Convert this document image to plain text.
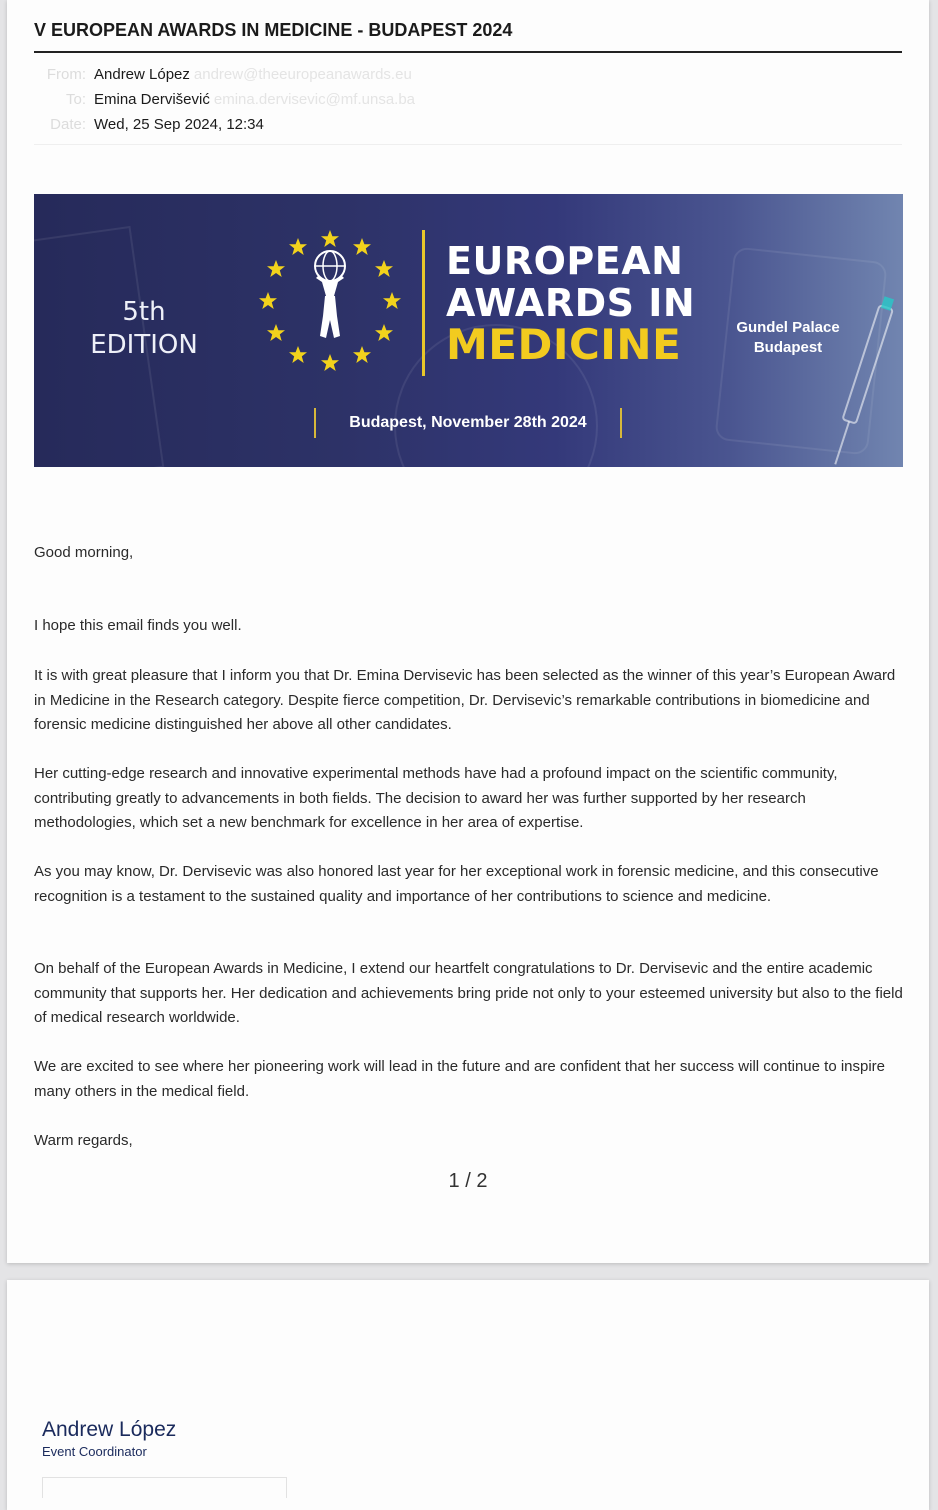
V EUROPEAN AWARDS IN MEDICINE - BUDAPEST 2024
From: Andrew López andrew@theeuropeanawards.eu
To: Emina Dervišević emina.dervisevic@mf.unsa.ba
Date: Wed, 25 Sep 2024, 12:34
5th
EDITION
EUROPEAN
AWARDS IN
MEDICINE	Gundel Palace
Budapest
Budapest, November 28th 2024
Good morning,
I hope this email finds you well.
It is with great pleasure that I inform you that Dr. Emina Dervisevic has been selected as the winner of this year’s European Award in Medicine in the Research category. Despite fierce competition, Dr. Dervisevic’s remarkable contributions in biomedicine and forensic medicine distinguished her above all other candidates.
Her cutting-edge research and innovative experimental methods have had a profound impact on the scientific community, contributing greatly to advancements in both fields. The decision to award her was further supported by her research methodologies, which set a new benchmark for excellence in her area of expertise.
As you may know, Dr. Dervisevic was also honored last year for her exceptional work in forensic medicine, and this consecutive recognition is a testament to the sustained quality and importance of her contributions to science and medicine.
On behalf of the European Awards in Medicine, I extend our heartfelt congratulations to Dr. Dervisevic and the entire academic community that supports her. Her dedication and achievements bring pride not only to your esteemed university but also to the field of medical research worldwide.
We are excited to see where her pioneering work will lead in the future and are confident that her success will continue to inspire many others in the medical field.
Warm regards,
1 / 2
Andrew López
Event Coordinator
